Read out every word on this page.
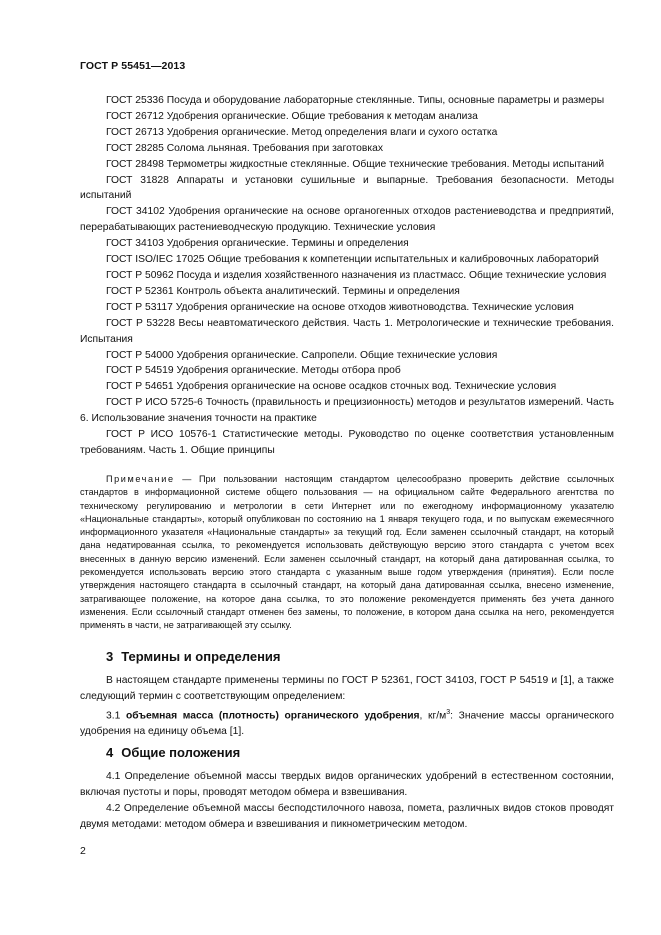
ГОСТ Р 55451—2013

ГОСТ 25336 Посуда и оборудование лабораторные стеклянные. Типы, основные параметры и размеры

ГОСТ 26712 Удобрения органические. Общие требования к методам анализа

ГОСТ 26713 Удобрения органические. Метод определения влаги и сухого остатка

ГОСТ 28285 Солома льняная. Требования при заготовках

ГОСТ 28498 Термометры жидкостные стеклянные. Общие технические требования. Методы испытаний

ГОСТ 31828 Аппараты и установки сушильные и выпарные. Требования безопасности. Методы испытаний

ГОСТ 34102 Удобрения органические на основе органогенных отходов растениеводства и предприятий, перерабатывающих растениеводческую продукцию. Технические условия

ГОСТ 34103 Удобрения органические. Термины и определения

ГОСТ ISO/IEC 17025 Общие требования к компетенции испытательных и калибровочных лабораторий

ГОСТ Р 50962 Посуда и изделия хозяйственного назначения из пластмасс. Общие технические условия

ГОСТ Р 52361 Контроль объекта аналитический. Термины и определения

ГОСТ Р 53117 Удобрения органические на основе отходов животноводства. Технические условия

ГОСТ Р 53228 Весы неавтоматического действия. Часть 1. Метрологические и технические требования. Испытания

ГОСТ Р 54000 Удобрения органические. Сапропели. Общие технические условия

ГОСТ Р 54519 Удобрения органические. Методы отбора проб

ГОСТ Р 54651 Удобрения органические на основе осадков сточных вод. Технические условия

ГОСТ Р ИСО 5725-6 Точность (правильность и прецизионность) методов и результатов измерений. Часть 6. Использование значения точности на практике

ГОСТ Р ИСО 10576-1 Статистические методы. Руководство по оценке соответствия установленным требованиям. Часть 1. Общие принципы

Примечание — При пользовании настоящим стандартом целесообразно проверить действие ссылочных стандартов в информационной системе общего пользования — на официальном сайте Федерального агентства по техническому регулированию и метрологии в сети Интернет или по ежегодному информационному указателю «Национальные стандарты», который опубликован по состоянию на 1 января текущего года, и по выпускам ежемесячного информационного указателя «Национальные стандарты» за текущий год. Если заменен ссылочный стандарт, на который дана недатированная ссылка, то рекомендуется использовать действующую версию этого стандарта с учетом всех внесенных в данную версию изменений. Если заменен ссылочный стандарт, на который дана датированная ссылка, то рекомендуется использовать версию этого стандарта с указанным выше годом утверждения (принятия). Если после утверждения настоящего стандарта в ссылочный стандарт, на который дана датированная ссылка, внесено изменение, затрагивающее положение, на которое дана ссылка, то это положение рекомендуется применять без учета данного изменения. Если ссылочный стандарт отменен без замены, то положение, в котором дана ссылка на него, рекомендуется применять в части, не затрагивающей эту ссылку.

3 Термины и определения

В настоящем стандарте применены термины по ГОСТ Р 52361, ГОСТ 34103, ГОСТ Р 54519 и [1], а также следующий термин с соответствующим определением:

3.1 объемная масса (плотность) органического удобрения, $кг/м^3$: Значение массы органического удобрения на единицу объема [1].

4 Общие положения

4.1 Определение объемной массы твердых видов органических удобрений в естественном состоянии, включая пустоты и поры, проводят методом обмера и взвешивания.

4.2 Определение объемной массы бесподстилочного навоза, помета, различных видов стоков проводят двумя методами: методом обмера и взвешивания и пикнометрическим методом.

2
